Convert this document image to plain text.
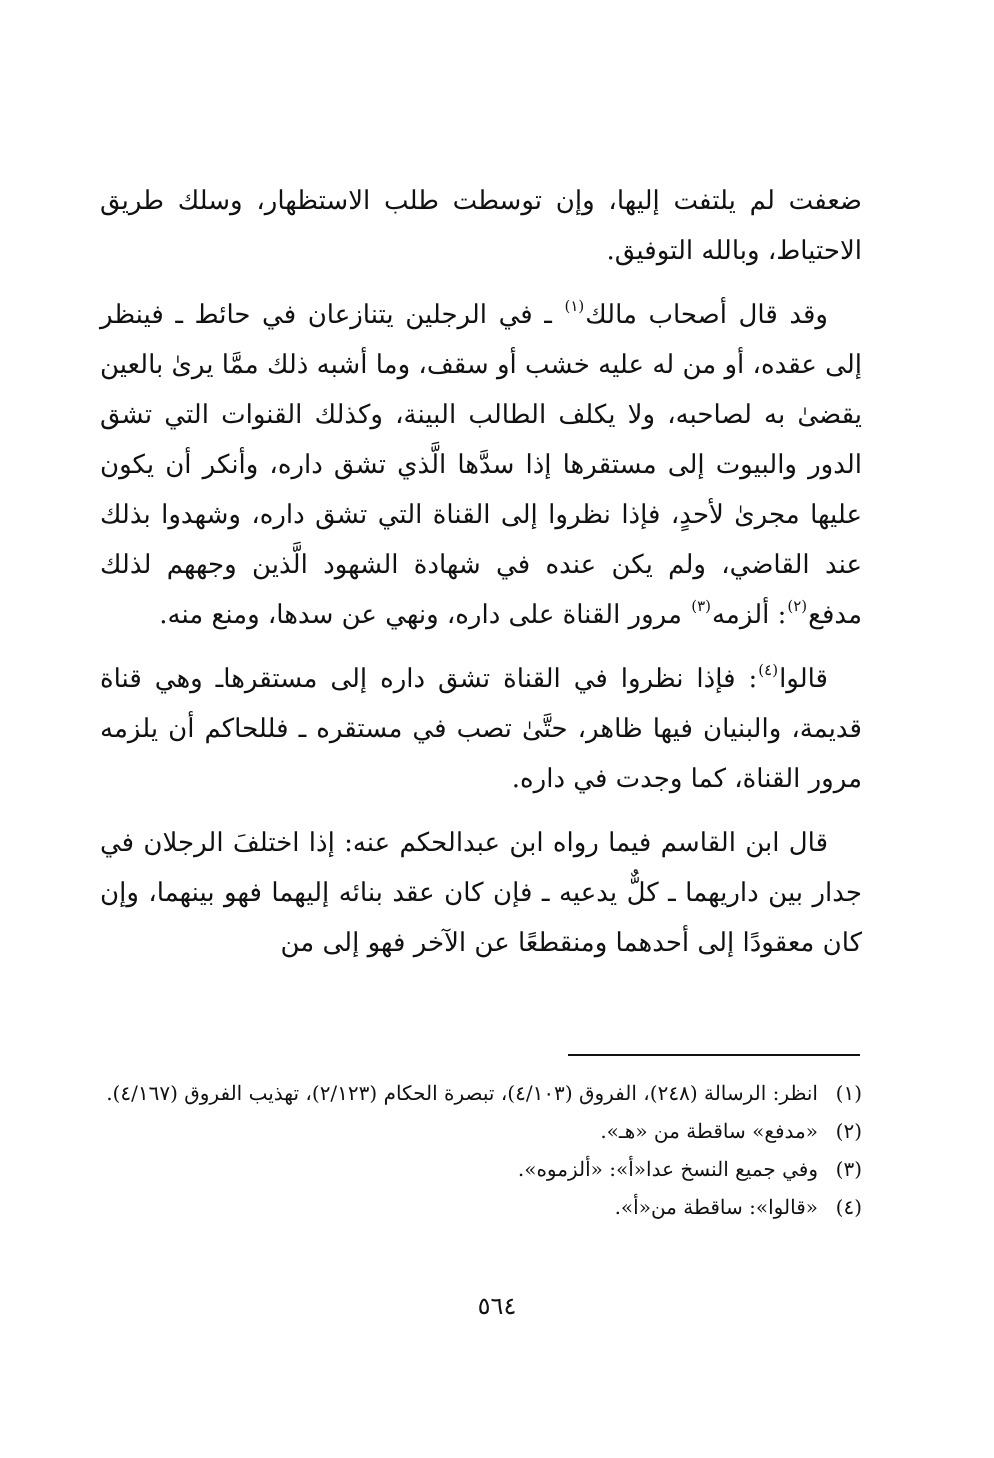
ضعفت لم يلتفت إليها، وإن توسطت طلب الاستظهار، وسلك طريق الاحتياط، وبالله التوفيق.

وقد قال أصحاب مالك$^{(١)}$ ـ في الرجلين يتنازعان في حائط ـ فينظر إلى عقده، أو من له عليه خشب أو سقف، وما أشبه ذلك ممَّا يرىٰ بالعين يقضىٰ به لصاحبه، ولا يكلف الطالب البينة، وكذلك القنوات التي تشق الدور والبيوت إلى مستقرها إذا سدَّها الَّذي تشق داره، وأنكر أن يكون عليها مجرىٰ لأحدٍ، فإذا نظروا إلى القناة التي تشق داره، وشهدوا بذلك عند القاضي، ولم يكن عنده في شهادة الشهود الَّذين وجههم لذلك مدفع$^{(٢)}$: ألزمه$^{(٣)}$ مرور القناة على داره، ونهي عن سدها، ومنع منه.

قالوا$^{(٤)}$: فإذا نظروا في القناة تشق داره إلى مستقرهاـ وهي قناة قديمة، والبنيان فيها ظاهر، حتَّىٰ تصب في مستقره ـ فللحاكم أن يلزمه مرور القناة، كما وجدت في داره.

قال ابن القاسم فيما رواه ابن عبدالحكم عنه: إذا اختلفَ الرجلان في جدار بين داريهما ـ كلٌّ يدعيه ـ فإن كان عقد بنائه إليهما فهو بينهما، وإن كان معقودًا إلى أحدهما ومنقطعًا عن الآخر فهو إلى من

(١)
انظر: الرسالة (٢٤٨)، الفروق (٤/١٠٣)، تبصرة الحكام (٢/١٢٣)، تهذيب الفروق (٤/١٦٧).
(٢)
«مدفع» ساقطة من «هـ».
(٣)
وفي جميع النسخ عدا«أ»: «ألزموه».
(٤)
«قالوا»: ساقطة من«أ».
٥٦٤
